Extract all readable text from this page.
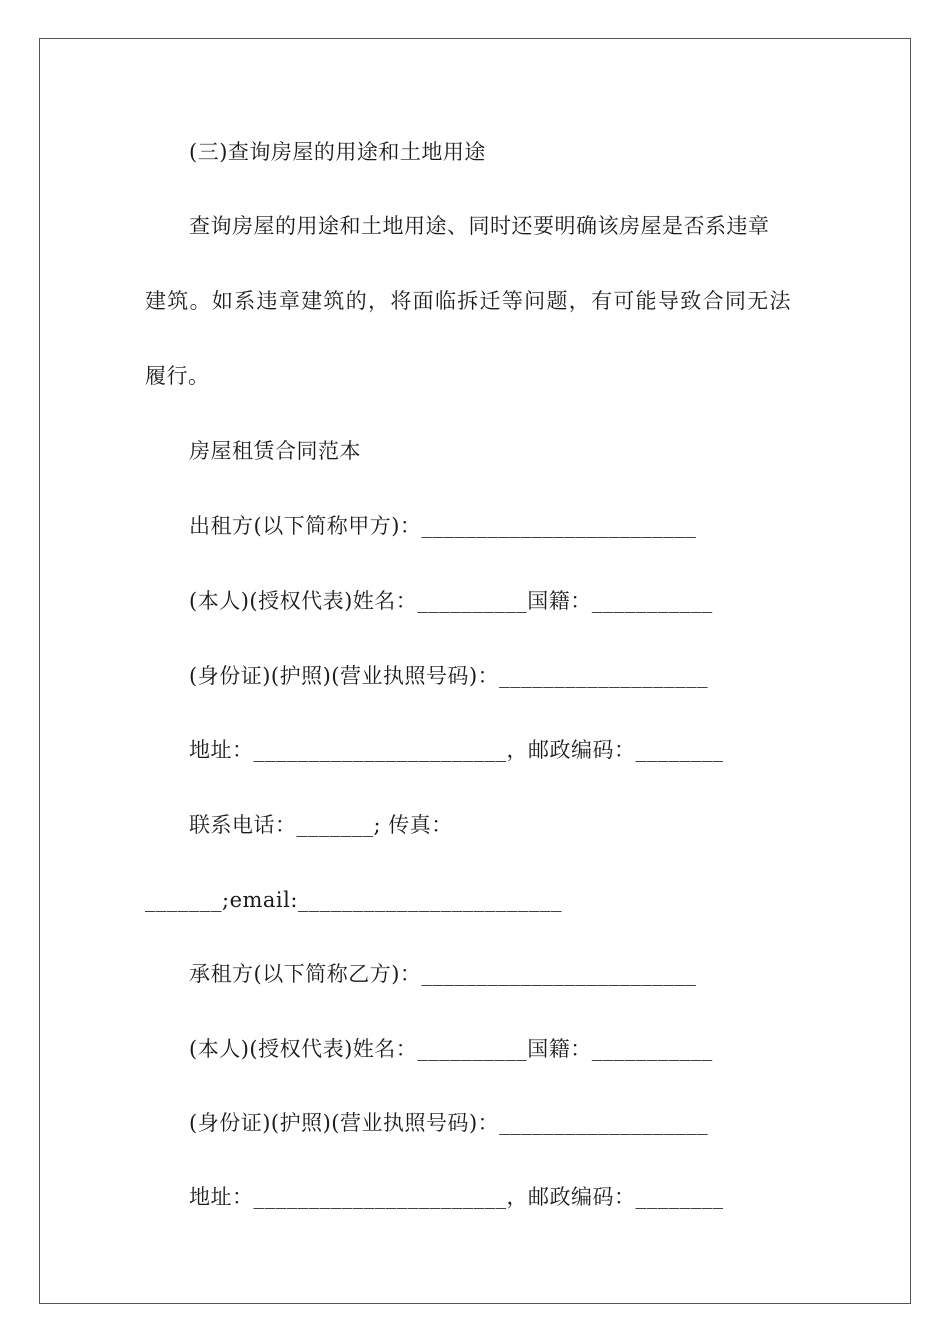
(三)查询房屋的用途和土地用途
查询房屋的用途和土地用途、同时还要明确该房屋是否系违章
建筑。如系违章建筑的，将面临拆迁等问题，有可能导致合同无法
履行。
房屋租赁合同范本
出租方(以下简称甲方)：_________________________
(本人)(授权代表)姓名：__________国籍：___________
(身份证)(护照)(营业执照号码)：___________________
地址：_______________________，邮政编码：________
联系电话：_______; 传真：
_______;email:________________________
承租方(以下简称乙方)：_________________________
(本人)(授权代表)姓名：__________国籍：___________
(身份证)(护照)(营业执照号码)：___________________
地址：_______________________，邮政编码：________
